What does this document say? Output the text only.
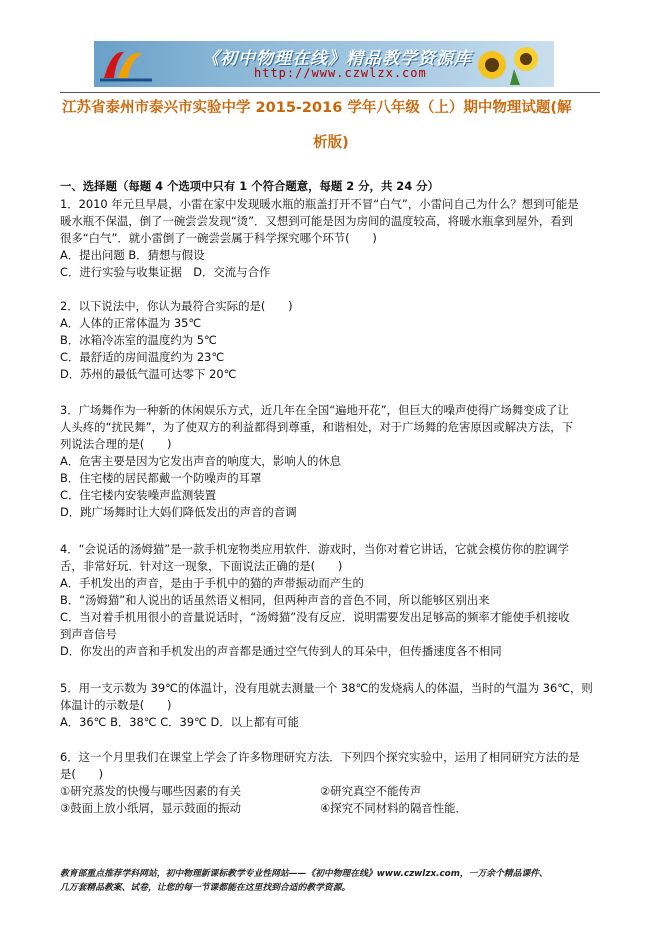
《初中物理在线》精品教学资源库
http://www.czwlzx.com
江苏省泰州市泰兴市实验中学 2015-2016 学年八年级（上）期中物理试题(解
析版)
一、选择题（每题 4 个选项中只有 1 个符合题意，每题 2 分，共 24 分）
1．2010 年元旦早晨，小雷在家中发现暖水瓶的瓶盖打开不冒“白气”，小雷问自己为什么？想到可能是
暖水瓶不保温，倒了一碗尝尝发现“烫”．又想到可能是因为房间的温度较高，将暖水瓶拿到屋外，看到
很多“白气”．就小雷倒了一碗尝尝属于科学探究哪个环节(　　)
A．提出问题 B．猜想与假设
C．进行实验与收集证据　D．交流与合作
2．以下说法中，你认为最符合实际的是(　　)
A．人体的正常体温为 35℃
B．冰箱冷冻室的温度约为 5℃
C．最舒适的房间温度约为 23℃
D．苏州的最低气温可达零下 20℃
3．广场舞作为一种新的休闲娱乐方式，近几年在全国“遍地开花”，但巨大的噪声使得广场舞变成了让
人头疼的“扰民舞”，为了使双方的利益都得到尊重，和谐相处，对于广场舞的危害原因或解决方法，下
列说法合理的是(　　)
A．危害主要是因为它发出声音的响度大，影响人的休息
B．住宅楼的居民都戴一个防噪声的耳罩
C．住宅楼内安装噪声监测装置
D．跳广场舞时让大妈们降低发出的声音的音调
4．“会说话的汤姆猫”是一款手机宠物类应用软件．游戏时，当你对着它讲话，它就会模仿你的腔调学
舌，非常好玩．针对这一现象，下面说法正确的是(　　)
A．手机发出的声音，是由于手机中的猫的声带振动而产生的
B．“汤姆猫”和人说出的话虽然语义相同，但两种声音的音色不同，所以能够区别出来
C．当对着手机用很小的音量说话时，“汤姆猫”没有反应．说明需要发出足够高的频率才能使手机接收
到声音信号
D．你发出的声音和手机发出的声音都是通过空气传到人的耳朵中，但传播速度各不相同
5．用一支示数为 39℃的体温计，没有甩就去测量一个 38℃的发烧病人的体温，当时的气温为 36℃，则
体温计的示数是(　　)
A．36℃ B．38℃ C．39℃ D．以上都有可能
6．这一个月里我们在课堂上学会了许多物理研究方法．下列四个探究实验中，运用了相同研究方法的是
是(　　)
①研究蒸发的快慢与哪些因素的有关	②研究真空不能传声
③鼓面上放小纸屑，显示鼓面的振动	④探究不同材料的隔音性能．
教育部重点推荐学科网站，初中物理新课标教学专业性网站——《初中物理在线》www.czwlzx.com，一万余个精品课件、
几万套精品教案、试卷，让您的每一节课都能在这里找到合适的教学资源。
